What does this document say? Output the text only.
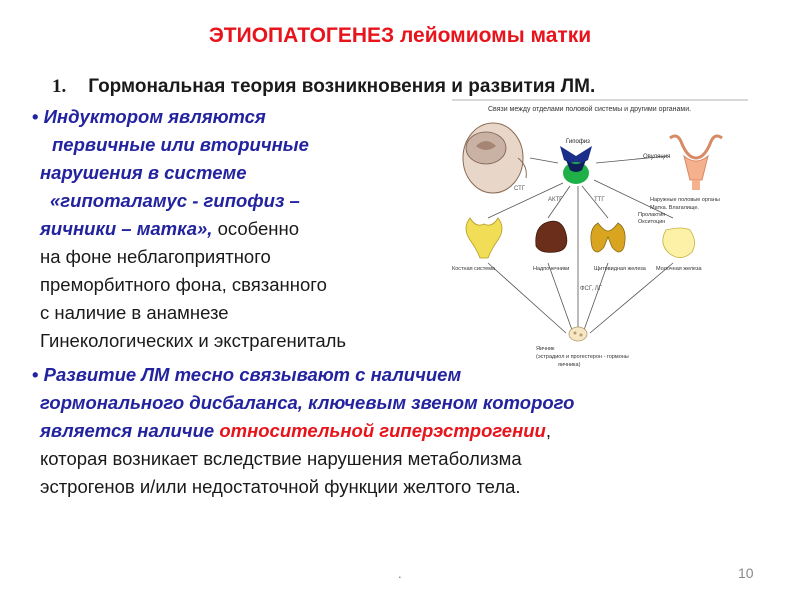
ЭТИОПАТОГЕНЕЗ лейомиомы матки
1. Гормональная теория возникновения и развития ЛМ.
• Индуктором являются
первичные или вторичные
нарушения в системе
«гипоталамус - гипофиз –
яичники – матка», особенно
на фоне неблагоприятного
преморбитного фона, связанного
с наличие в анамнезе
Гинекологических и экстрагениталь
• Развитие ЛМ тесно связывают с наличием
гормонального дисбаланса, ключевым звеном которого
является наличие относительной гиперэстрогении,
которая возникает вследствие нарушения метаболизма
эстрогенов и/или недостаточной функции желтого тела.
Связи между отделами половой системы и другими органами.
Гипофиз
Овуляция
Наружные половые органы
Матка. Влагалище.
СТГ
АКТГ	ТТГ
ФСГ, ЛГ
Пролактин
Окситоцин
Костная система	Надпочечники	Щитовидная железа Молочная железа
Яичник
(эстрадиол и прогестерон - гормоны
яичника)
.	10
